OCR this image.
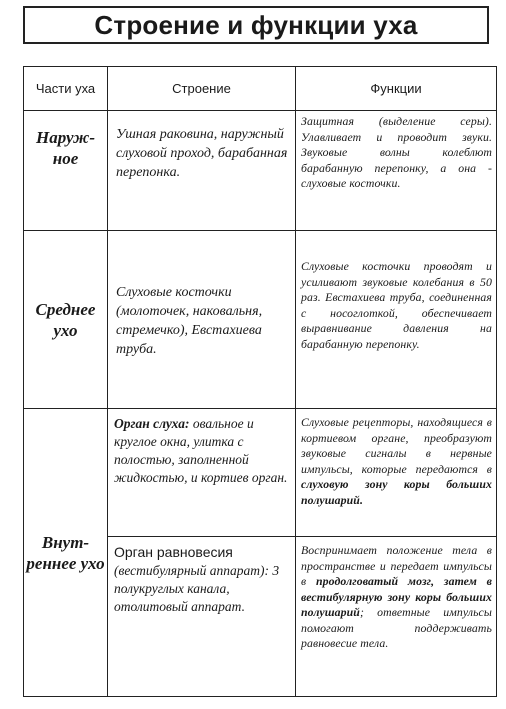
Строение и функции уха
Части уха	Строение	Функции
Наруж-ное	Ушная раковина, наружный слуховой проход, барабанная перепонка.	Защитная (выделение серы). Улавливает и проводит звуки. Звуковые волны колеблют барабанную перепонку, а она - слуховые косточки.
Среднее ухо	Слуховые косточки (молоточек, наковальня, стремечко), Евстахиева труба.	Слуховые косточки проводят и усиливают звуковые колебания в 50 раз. Евстахиева труба, соединенная с носоглоткой, обеспечивает выравнивание давления на барабанную перепонку.
Внут-реннее ухо	Орган слуха: овальное и круглое окна, улитка с полостью, заполненной жидкостью, и кортиев орган.	Слуховые рецепторы, находящиеся в кортиевом органе, преобразуют звуковые сигналы в нервные импульсы, которые передаются в слуховую зону коры больших полушарий.
	Орган равновесия (вестибулярный аппарат): 3 полукруглых канала, отолитовый аппарат.	Воспринимает положение тела в пространстве и передает импульсы в продолговатый мозг, затем в вестибулярную зону коры больших полушарий; ответные импульсы помогают поддерживать равновесие тела.
